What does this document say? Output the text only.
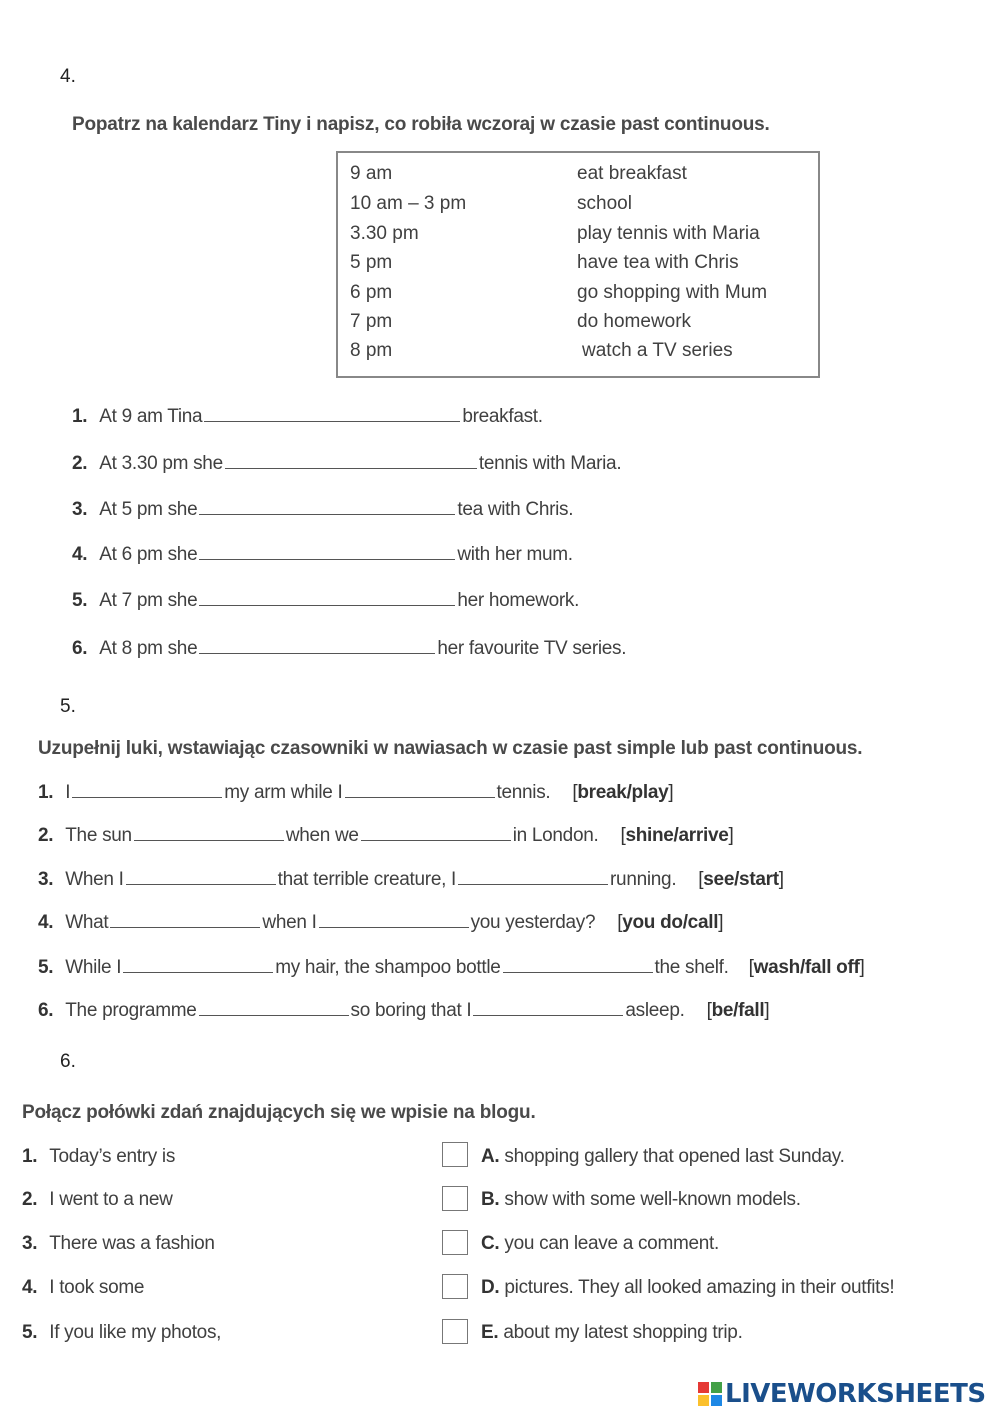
4.
Popatrz na kalendarz Tiny i napisz, co robiła wczoraj w czasie past continuous.
9 am	eat breakfast
10 am – 3 pm	school
3.30 pm	play tennis with Maria
5 pm	have tea with Chris
6 pm	go shopping with Mum
7 pm	do homework
8 pm	watch a TV series
1. At 9 am Tina	breakfast.
2. At 3.30 pm she	tennis with Maria.
3. At 5 pm she	tea with Chris.
4. At 6 pm she	with her mum.
5. At 7 pm she	her homework.
6. At 8 pm she	her favourite TV series.
5.
Uzupełnij luki, wstawiając czasowniki w nawiasach w czasie past simple lub past continuous.
1. I	my arm while I	tennis. [break/play]
2. The sun	when we	in London. [shine/arrive]
3. When I	that terrible creature, I	running. [see/start]
4. What	when I	you yesterday? [you do/call]
5. While I	my hair, the shampoo bottle	the shelf. [wash/fall off]
6. The programme	so boring that I	asleep. [be/fall]
6.
Połącz połówki zdań znajdujących się we wpisie na blogu.
1. Today’s entry is
2. I went to a new
3. There was a fashion
4. I took some
5. If you like my photos,
A. shopping gallery that opened last Sunday.
B. show with some well-known models.
C. you can leave a comment.
D. pictures. They all looked amazing in their outfits!
E. about my latest shopping trip.
LIVEWORKSHEETS
